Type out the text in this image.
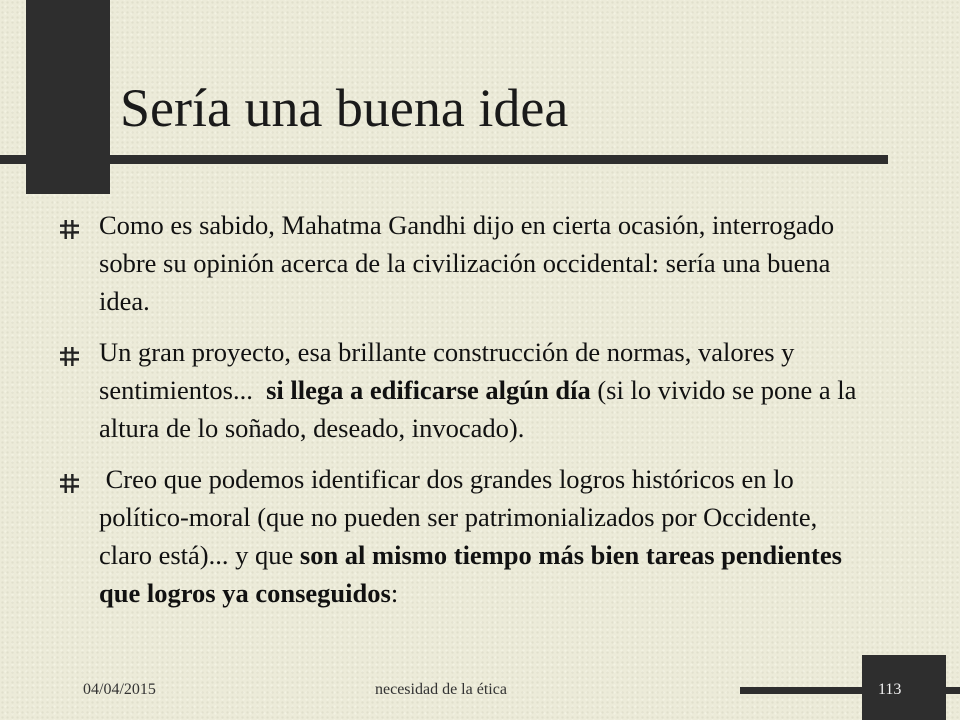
Sería una buena idea
Como es sabido, Mahatma Gandhi dijo en cierta ocasión, interrogado sobre su opinión acerca de la civilización occidental: sería una buena idea.
Un gran proyecto, esa brillante construcción de normas, valores y sentimientos...  si llega a edificarse algún día (si lo vivido se pone a la altura de lo soñado, deseado, invocado).
Creo que podemos identificar dos grandes logros históricos en lo político-moral (que no pueden ser patrimonializados por Occidente, claro está)... y que son al mismo tiempo más bien tareas pendientes que logros ya conseguidos:
04/04/2015	necesidad de la ética	113
